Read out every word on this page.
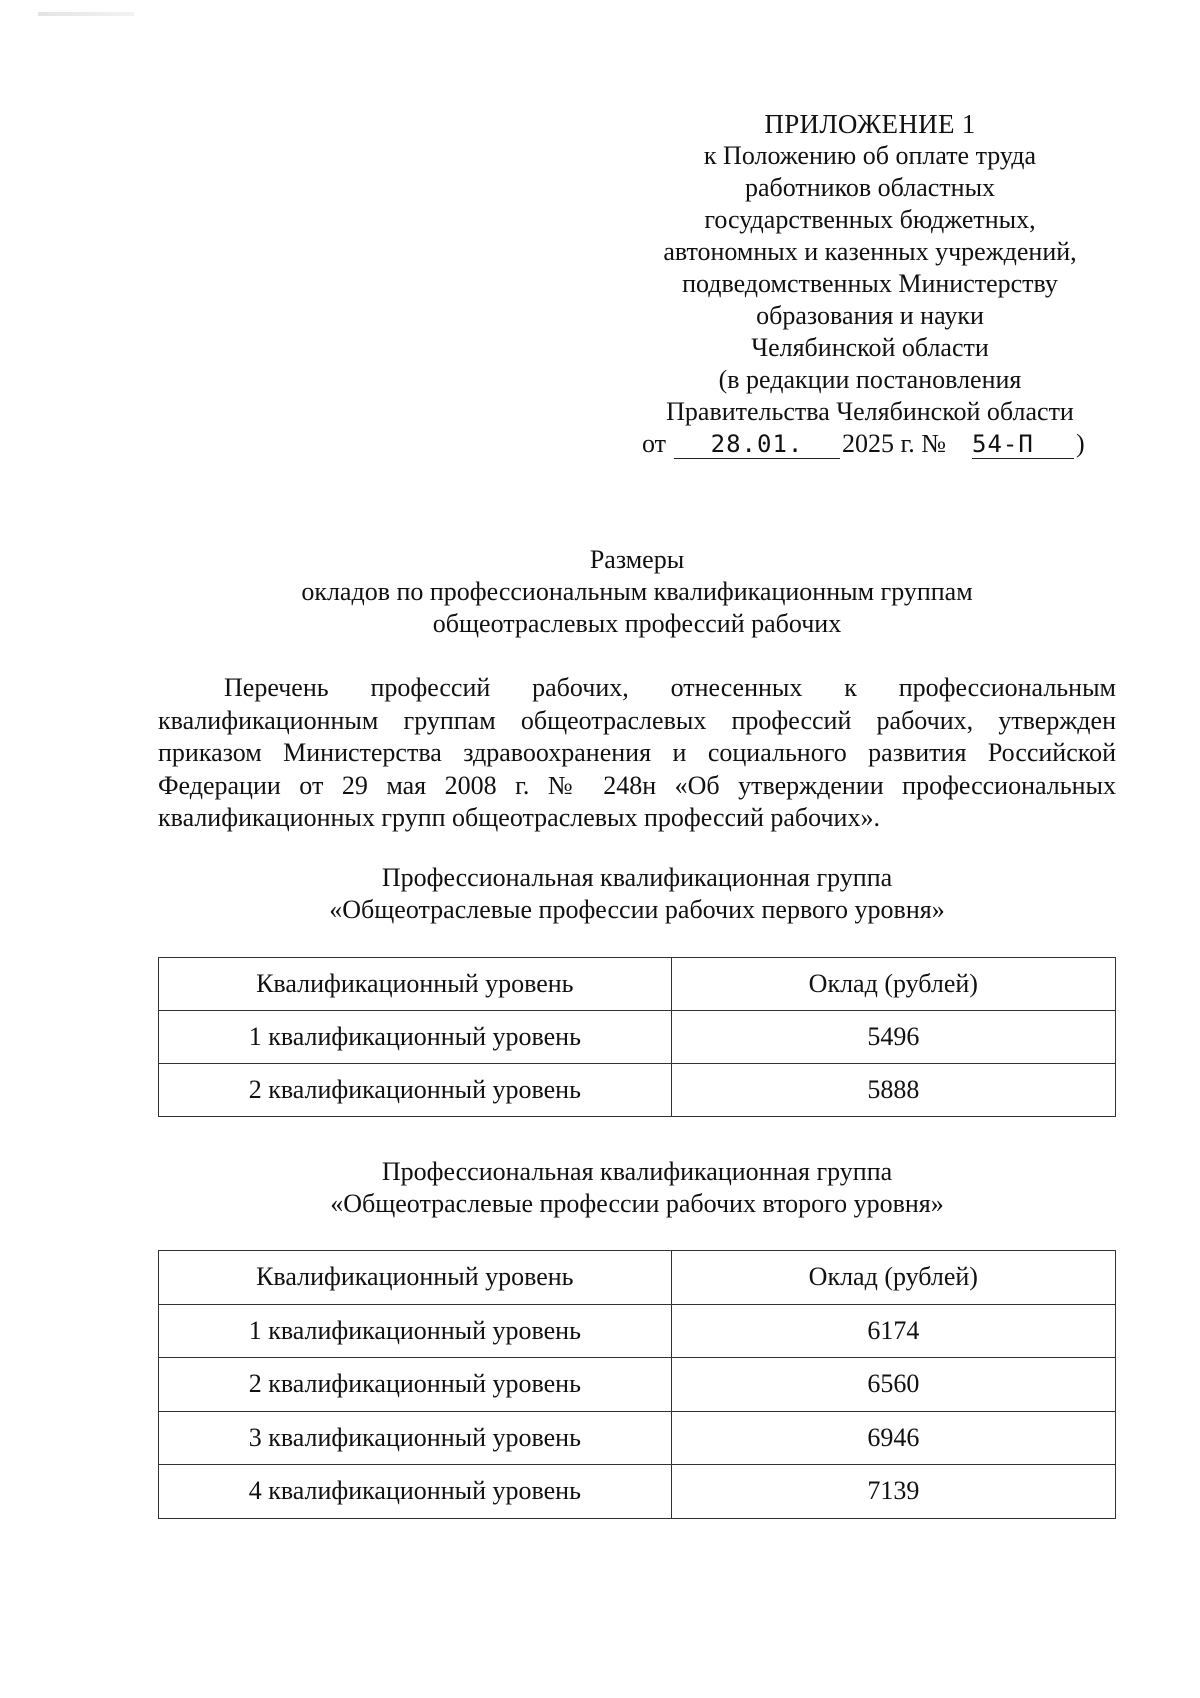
ПРИЛОЖЕНИЕ 1
к Положению об оплате труда
работников областных
государственных бюджетных,
автономных и казенных учреждений,
подведомственных Министерству
образования и науки
Челябинской области
(в редакции постановления
Правительства Челябинской области
от	28.01.	2025 г. № 54-П	)
Размеры
окладов по профессиональным квалификационным группам
общеотраслевых профессий рабочих
Перечень профессий рабочих, отнесенных к профессиональным квалификационным группам общеотраслевых профессий рабочих, утвержден приказом Министерства здравоохранения и социального развития Российской Федерации от 29 мая 2008 г. № 248н «Об утверждении профессиональных квалификационных групп общеотраслевых профессий рабочих».
Профессиональная квалификационная группа
«Общеотраслевые профессии рабочих первого уровня»
Квалификационный уровень	Оклад (рублей)
1 квалификационный уровень	5496
2 квалификационный уровень	5888
Профессиональная квалификационная группа
«Общеотраслевые профессии рабочих второго уровня»
Квалификационный уровень	Оклад (рублей)
1 квалификационный уровень	6174
2 квалификационный уровень	6560
3 квалификационный уровень	6946
4 квалификационный уровень	7139
